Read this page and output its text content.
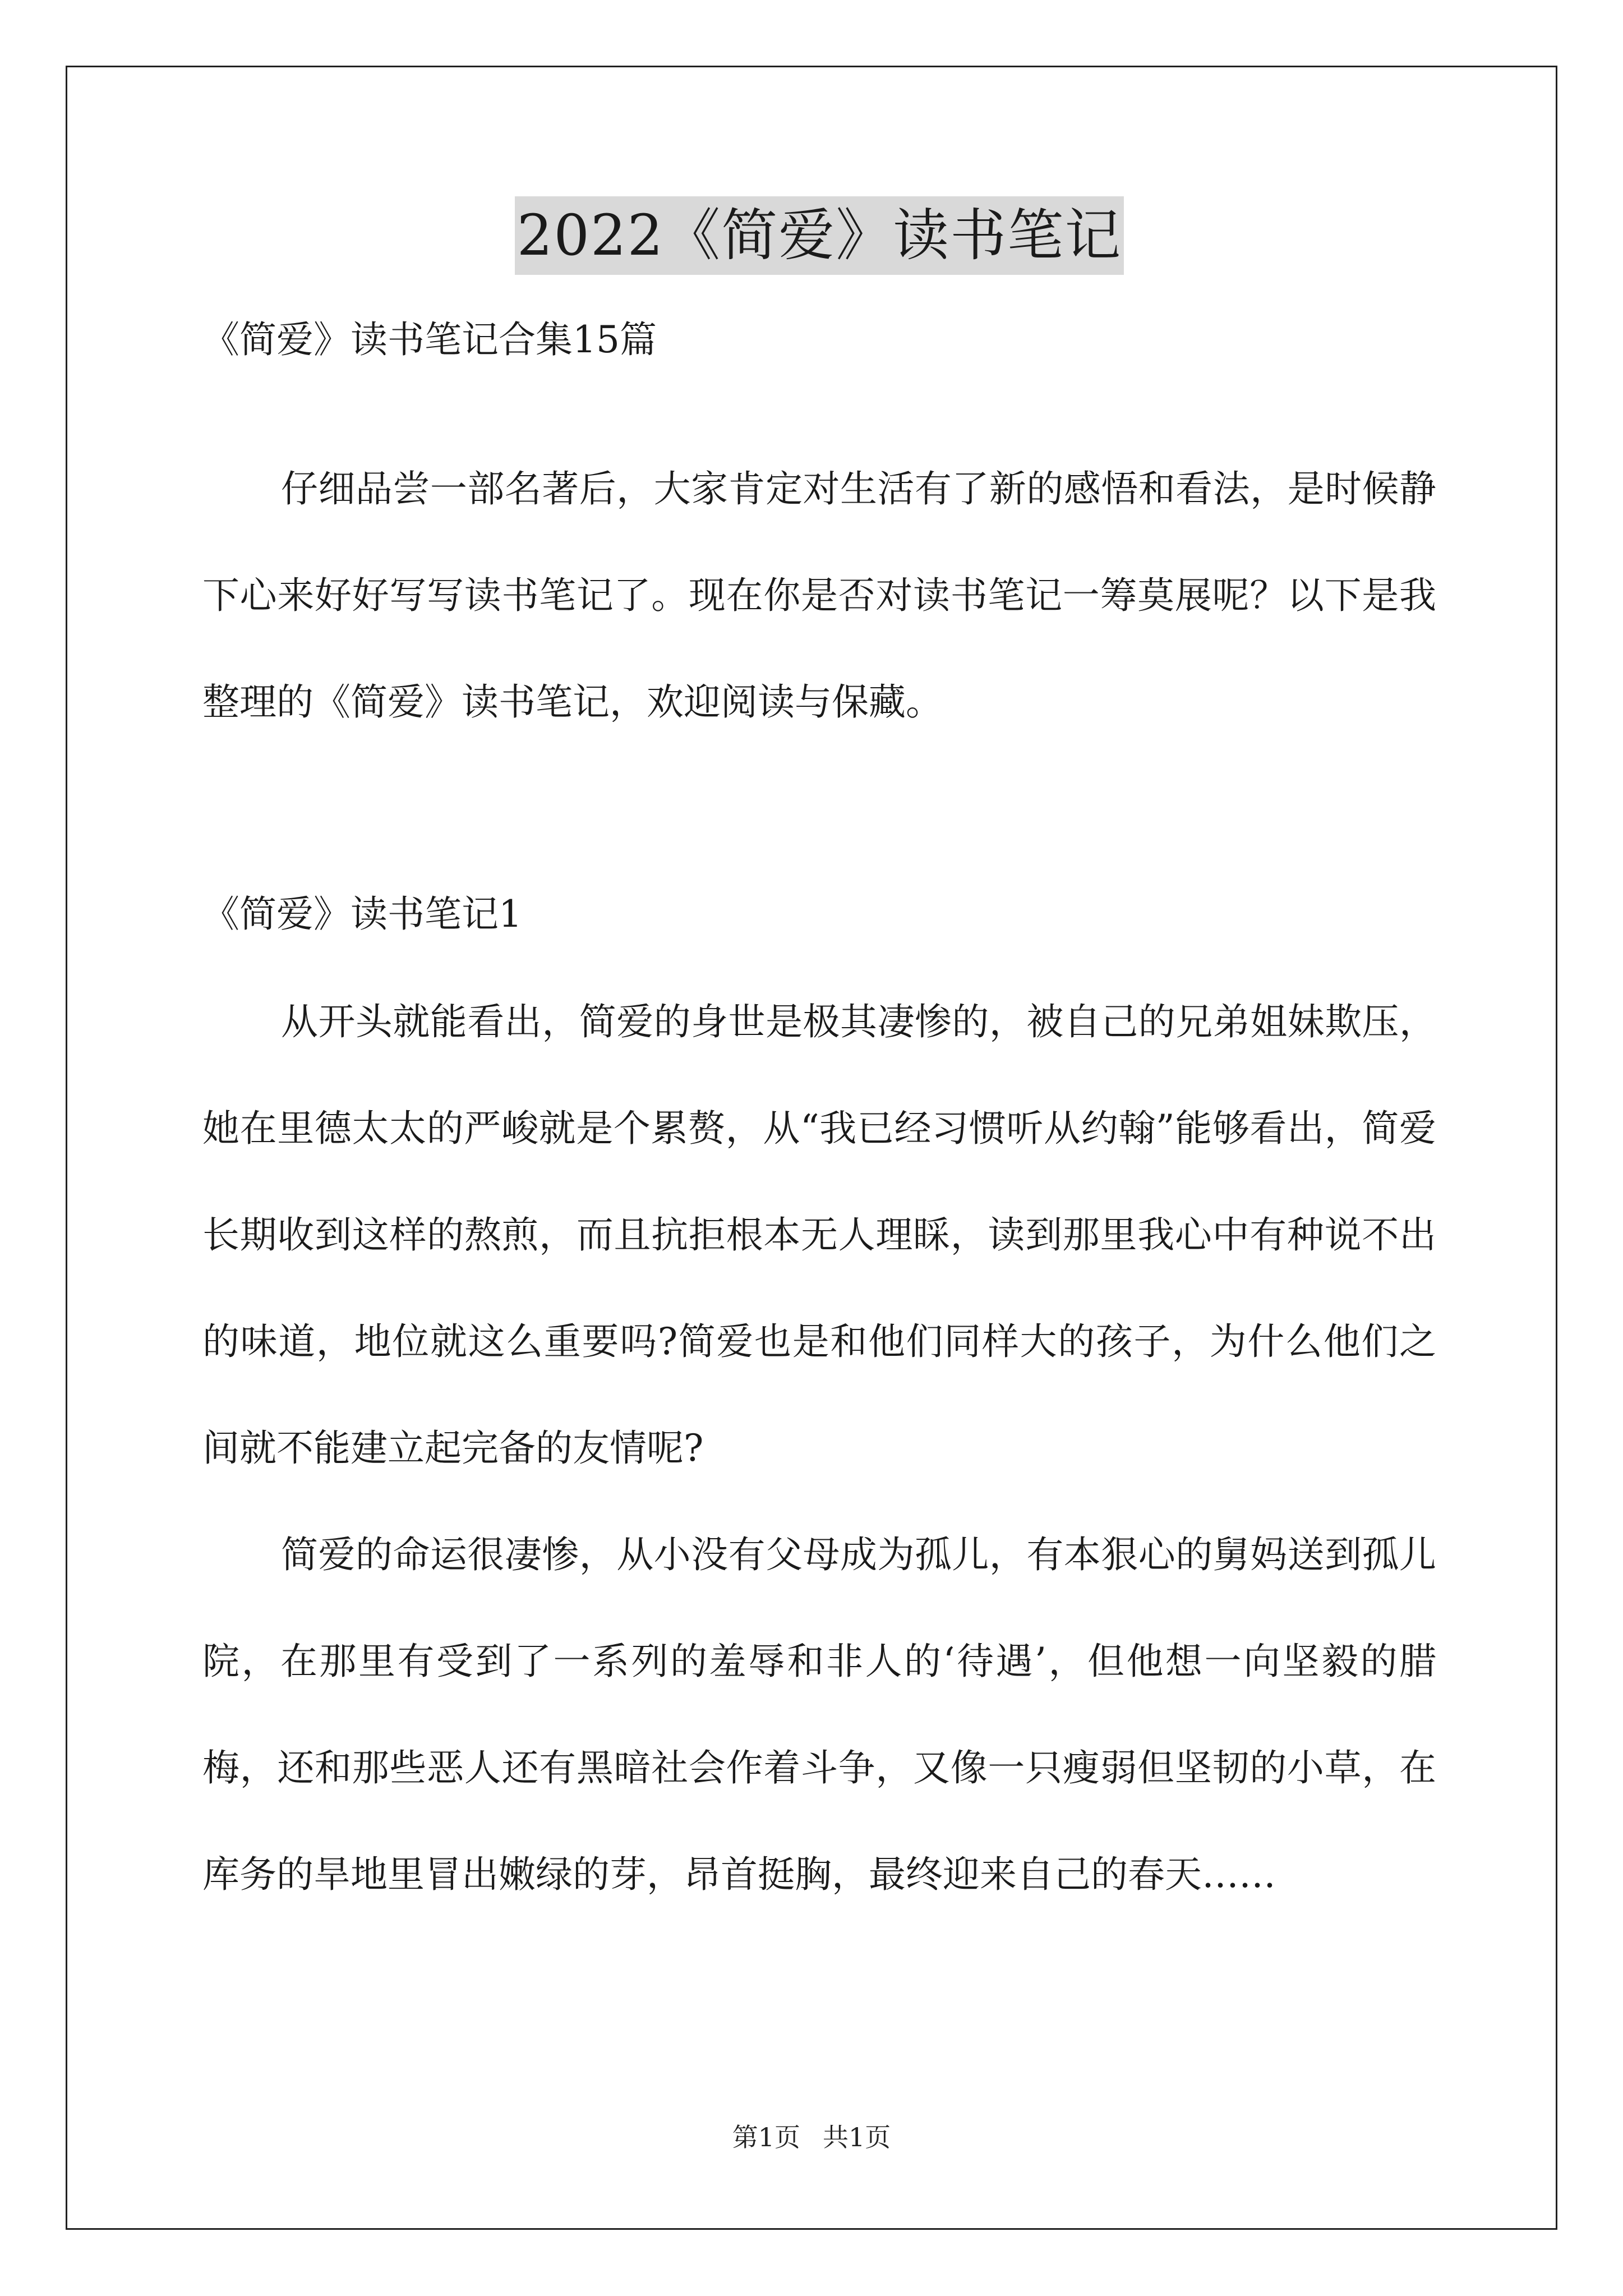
2022《简爱》读书笔记
《简爱》读书笔记合集15篇

仔细品尝一部名著后，大家肯定对生活有了新的感悟和看法，是时候静下心来好好写写读书笔记了。现在你是否对读书笔记一筹莫展呢？以下是我整理的《简爱》读书笔记，欢迎阅读与保藏。

《简爱》读书笔记1

从开头就能看出，简爱的身世是极其凄惨的，被自己的兄弟姐妹欺压，她在里德太太的严峻就是个累赘，从“我已经习惯听从约翰”能够看出，简爱长期收到这样的熬煎，而且抗拒根本无人理睬，读到那里我心中有种说不出的味道，地位就这么重要吗?简爱也是和他们同样大的孩子，为什么他们之间就不能建立起完备的友情呢?

简爱的命运很凄惨，从小没有父母成为孤儿，有本狠心的舅妈送到孤儿院，在那里有受到了一系列的羞辱和非人的‘待遇’，但他想一向坚毅的腊梅，还和那些恶人还有黑暗社会作着斗争，又像一只瘦弱但坚韧的小草，在库务的旱地里冒出嫩绿的芽，昂首挺胸，最终迎来自己的春天……

第1页 共1页
